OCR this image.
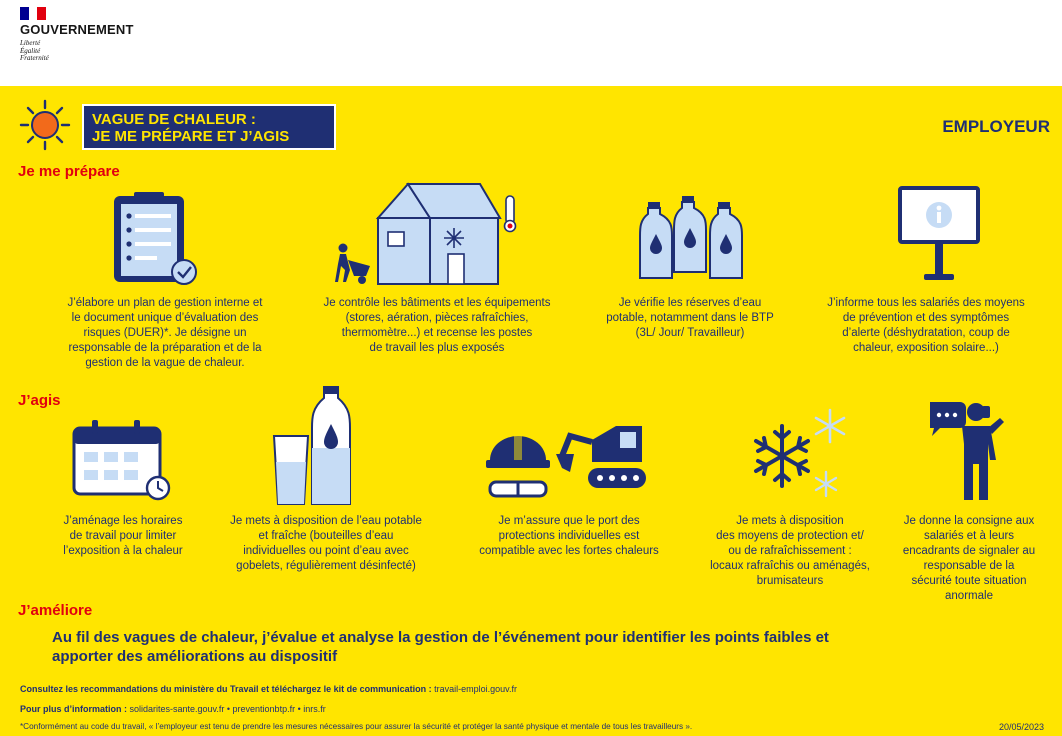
GOUVERNEMENT
Liberté
Égalité
Fraternité
VAGUE DE CHALEUR :
JE ME PRÉPARE ET J’AGIS
EMPLOYEUR
Je me prépare
J’élabore un plan de gestion interne et
le document unique d’évaluation des
risques (DUER)*. Je désigne un
responsable de la préparation et de la
gestion de la vague de chaleur.
Je contrôle les bâtiments et les équipements
(stores, aération, pièces rafraîchies,
thermomètre...) et recense les postes
de travail les plus exposés
Je vérifie les réserves d’eau
potable, notamment dans le BTP
(3L/ Jour/ Travailleur)
J’informe tous les salariés des moyens
de prévention et des symptômes
d’alerte (déshydratation, coup de
chaleur, exposition solaire...)
J’agis
J’aménage les horaires
de travail pour limiter
l’exposition à la chaleur
Je mets à disposition de l’eau potable
et fraîche (bouteilles d’eau
individuelles ou point d’eau avec
gobelets, régulièrement désinfecté)
Je m’assure que le port des
protections individuelles est
compatible avec les fortes chaleurs
Je mets à disposition
des moyens de protection et/
ou de rafraîchissement :
locaux rafraîchis ou aménagés,
brumisateurs
Je donne la consigne aux
salariés et à leurs
encadrants de signaler au
responsable de la
sécurité toute situation
anormale
J’améliore
Au fil des vagues de chaleur, j’évalue et analyse la gestion de l’événement pour identifier les points faibles et
apporter des améliorations au dispositif
Consultez les recommandations du ministère du Travail et téléchargez le kit de communication : travail-emploi.gouv.fr
Pour plus d’information : solidarites-sante.gouv.fr • preventionbtp.fr • inrs.fr
*Conformément au code du travail, « l’employeur est tenu de prendre les mesures nécessaires pour assurer la sécurité et protéger la santé physique et mentale de tous les travailleurs ».	20/05/2023
